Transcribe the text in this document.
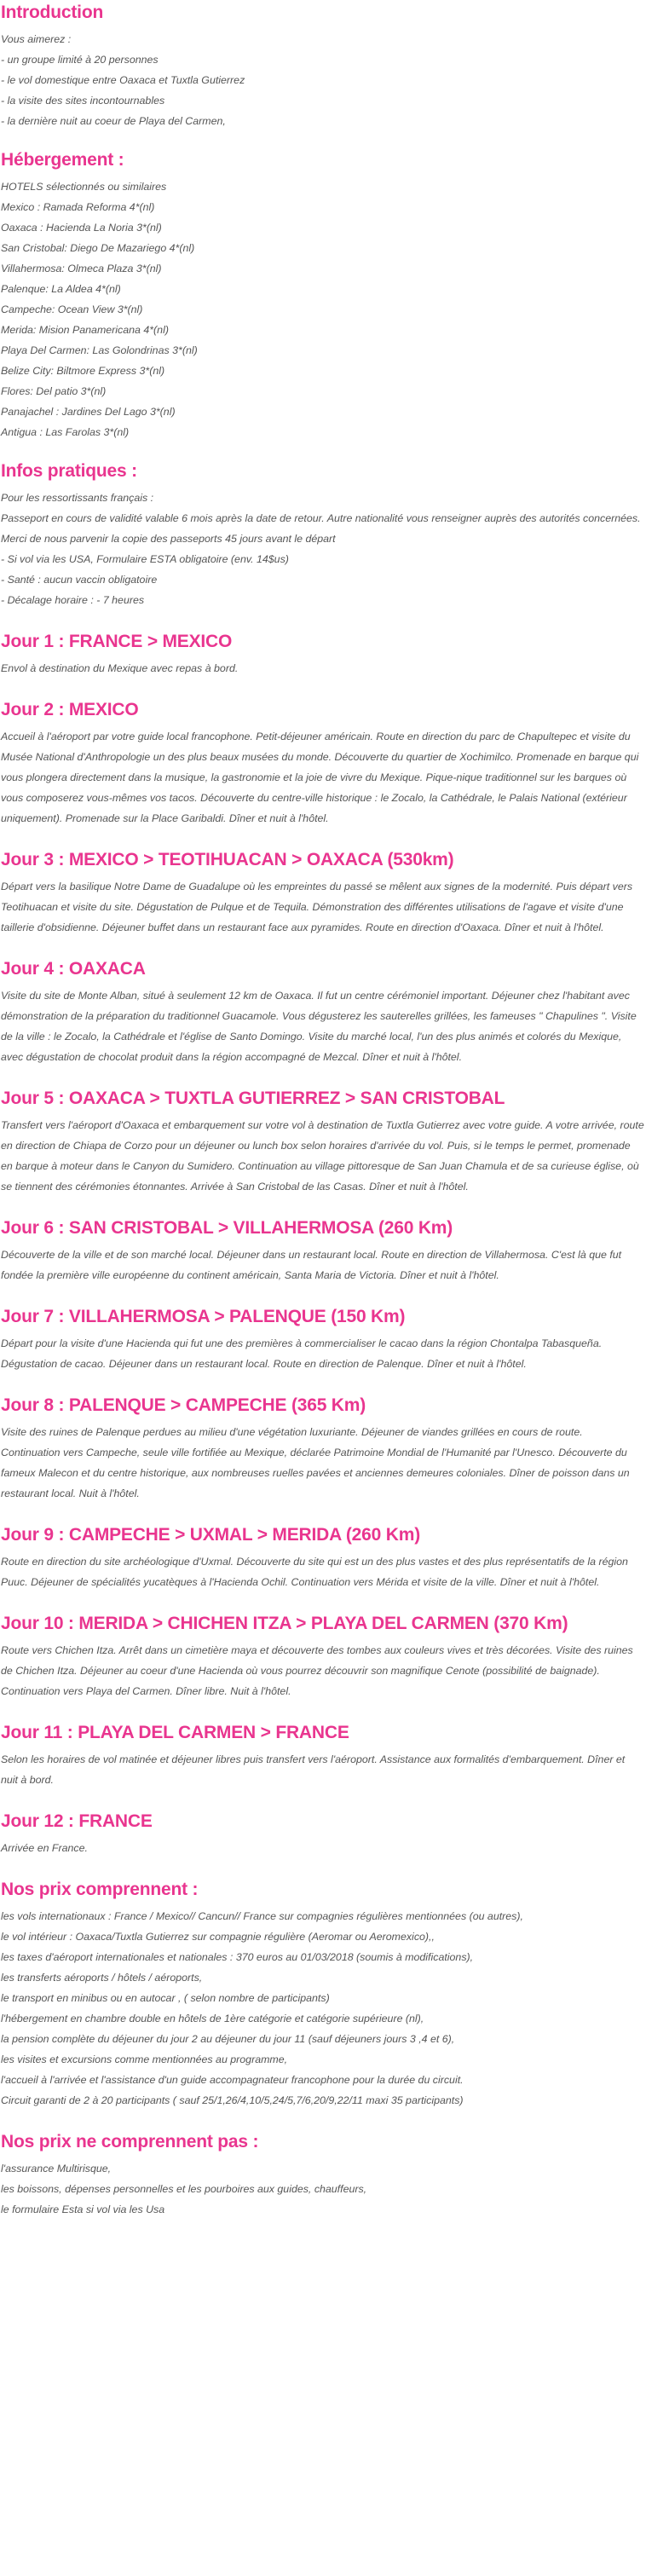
Introduction
Vous aimerez :
- un groupe limité à 20 personnes
- le vol domestique entre Oaxaca et Tuxtla Gutierrez
- la visite des sites incontournables
- la dernière nuit au coeur de Playa del Carmen,
Hébergement :
HOTELS sélectionnés ou similaires
Mexico : Ramada Reforma 4*(nl)
Oaxaca : Hacienda La Noria 3*(nl)
San Cristobal: Diego De Mazariego 4*(nl)
Villahermosa: Olmeca Plaza 3*(nl)
Palenque: La Aldea 4*(nl)
Campeche: Ocean View 3*(nl)
Merida: Mision Panamericana 4*(nl)
Playa Del Carmen: Las Golondrinas 3*(nl)
Belize City: Biltmore Express 3*(nl)
Flores: Del patio 3*(nl)
Panajachel : Jardines Del Lago 3*(nl)
Antigua : Las Farolas 3*(nl)
Infos pratiques :
Pour les ressortissants français :
Passeport en cours de validité valable 6 mois après la date de retour. Autre nationalité vous renseigner auprès des autorités concernées. Merci de nous parvenir la copie des passeports 45 jours avant le départ
- Si vol via les USA, Formulaire ESTA obligatoire (env. 14$us)
- Santé : aucun vaccin obligatoire
- Décalage horaire : - 7 heures
Jour 1 : FRANCE > MEXICO

Envol à destination du Mexique avec repas à bord.

Jour 2 : MEXICO

Accueil à l'aéroport par votre guide local francophone. Petit-déjeuner américain. Route en direction du parc de Chapultepec et visite du Musée National d'Anthropologie un des plus beaux musées du monde. Découverte du quartier de Xochimilco. Promenade en barque qui vous plongera directement dans la musique, la gastronomie et la joie de vivre du Mexique. Pique-nique traditionnel sur les barques où vous composerez vous-mêmes vos tacos. Découverte du centre-ville historique : le Zocalo, la Cathédrale, le Palais National (extérieur uniquement). Promenade sur la Place Garibaldi. Dîner et nuit à l'hôtel.

Jour 3 : MEXICO > TEOTIHUACAN > OAXACA (530km)

Départ vers la basilique Notre Dame de Guadalupe où les empreintes du passé se mêlent aux signes de la modernité. Puis départ vers Teotihuacan et visite du site. Dégustation de Pulque et de Tequila. Démonstration des différentes utilisations de l'agave et visite d'une taillerie d'obsidienne. Déjeuner buffet dans un restaurant face aux pyramides. Route en direction d'Oaxaca. Dîner et nuit à l'hôtel.

Jour 4 : OAXACA

Visite du site de Monte Alban, situé à seulement 12 km de Oaxaca. Il fut un centre cérémoniel important. Déjeuner chez l'habitant avec démonstration de la préparation du traditionnel Guacamole. Vous dégusterez les sauterelles grillées, les fameuses " Chapulines ". Visite de la ville : le Zocalo, la Cathédrale et l'église de Santo Domingo. Visite du marché local, l'un des plus animés et colorés du Mexique, avec dégustation de chocolat produit dans la région accompagné de Mezcal. Dîner et nuit à l'hôtel.

Jour 5 : OAXACA > TUXTLA GUTIERREZ > SAN CRISTOBAL

Transfert vers l'aéroport d'Oaxaca et embarquement sur votre vol à destination de Tuxtla Gutierrez avec votre guide. A votre arrivée, route en direction de Chiapa de Corzo pour un déjeuner ou lunch box selon horaires d'arrivée du vol. Puis, si le temps le permet, promenade en barque à moteur dans le Canyon du Sumidero. Continuation au village pittoresque de San Juan Chamula et de sa curieuse église, où se tiennent des cérémonies étonnantes. Arrivée à San Cristobal de las Casas. Dîner et nuit à l'hôtel.

Jour 6 : SAN CRISTOBAL > VILLAHERMOSA (260 Km)

Découverte de la ville et de son marché local. Déjeuner dans un restaurant local. Route en direction de Villahermosa. C'est là que fut fondée la première ville européenne du continent américain, Santa Maria de Victoria. Dîner et nuit à l'hôtel.

Jour 7 : VILLAHERMOSA > PALENQUE (150 Km)

Départ pour la visite d'une Hacienda qui fut une des premières à commercialiser le cacao dans la région Chontalpa Tabasqueña. Dégustation de cacao. Déjeuner dans un restaurant local. Route en direction de Palenque. Dîner et nuit à l'hôtel.

Jour 8 : PALENQUE > CAMPECHE (365 Km)

Visite des ruines de Palenque perdues au milieu d'une végétation luxuriante. Déjeuner de viandes grillées en cours de route. Continuation vers Campeche, seule ville fortifiée au Mexique, déclarée Patrimoine Mondial de l'Humanité par l'Unesco. Découverte du fameux Malecon et du centre historique, aux nombreuses ruelles pavées et anciennes demeures coloniales. Dîner de poisson dans un restaurant local. Nuit à l'hôtel.

Jour 9 : CAMPECHE > UXMAL > MERIDA (260 Km)

Route en direction du site archéologique d'Uxmal. Découverte du site qui est un des plus vastes et des plus représentatifs de la région Puuc. Déjeuner de spécialités yucatèques à l'Hacienda Ochil. Continuation vers Mérida et visite de la ville. Dîner et nuit à l'hôtel.

Jour 10 : MERIDA > CHICHEN ITZA > PLAYA DEL CARMEN (370 Km)

Route vers Chichen Itza. Arrêt dans un cimetière maya et découverte des tombes aux couleurs vives et très décorées. Visite des ruines de Chichen Itza. Déjeuner au coeur d'une Hacienda où vous pourrez découvrir son magnifique Cenote (possibilité de baignade). Continuation vers Playa del Carmen. Dîner libre. Nuit à l'hôtel.

Jour 11 : PLAYA DEL CARMEN > FRANCE

Selon les horaires de vol matinée et déjeuner libres puis transfert vers l'aéroport. Assistance aux formalités d'embarquement. Dîner et nuit à bord.

Jour 12 : FRANCE

Arrivée en France.

Nos prix comprennent :
les vols internationaux : France / Mexico// Cancun// France sur compagnies régulières mentionnées (ou autres),
le vol intérieur : Oaxaca/Tuxtla Gutierrez sur compagnie régulière (Aeromar ou Aeromexico),,
les taxes d'aéroport internationales et nationales : 370 euros au 01/03/2018 (soumis à modifications),
les transferts aéroports / hôtels / aéroports,
le transport en minibus ou en autocar , ( selon nombre de participants)
l'hébergement en chambre double en hôtels de 1ère catégorie et catégorie supérieure (nl),
la pension complète du déjeuner du jour 2 au déjeuner du jour 11 (sauf déjeuners jours 3 ,4 et 6),
les visites et excursions comme mentionnées au programme,
l'accueil à l'arrivée et l'assistance d'un guide accompagnateur francophone pour la durée du circuit.
Circuit garanti de 2 à 20 participants ( sauf 25/1,26/4,10/5,24/5,7/6,20/9,22/11 maxi 35 participants)
Nos prix ne comprennent pas :
l'assurance Multirisque,
les boissons, dépenses personnelles et les pourboires aux guides, chauffeurs,
le formulaire Esta si vol via les Usa
